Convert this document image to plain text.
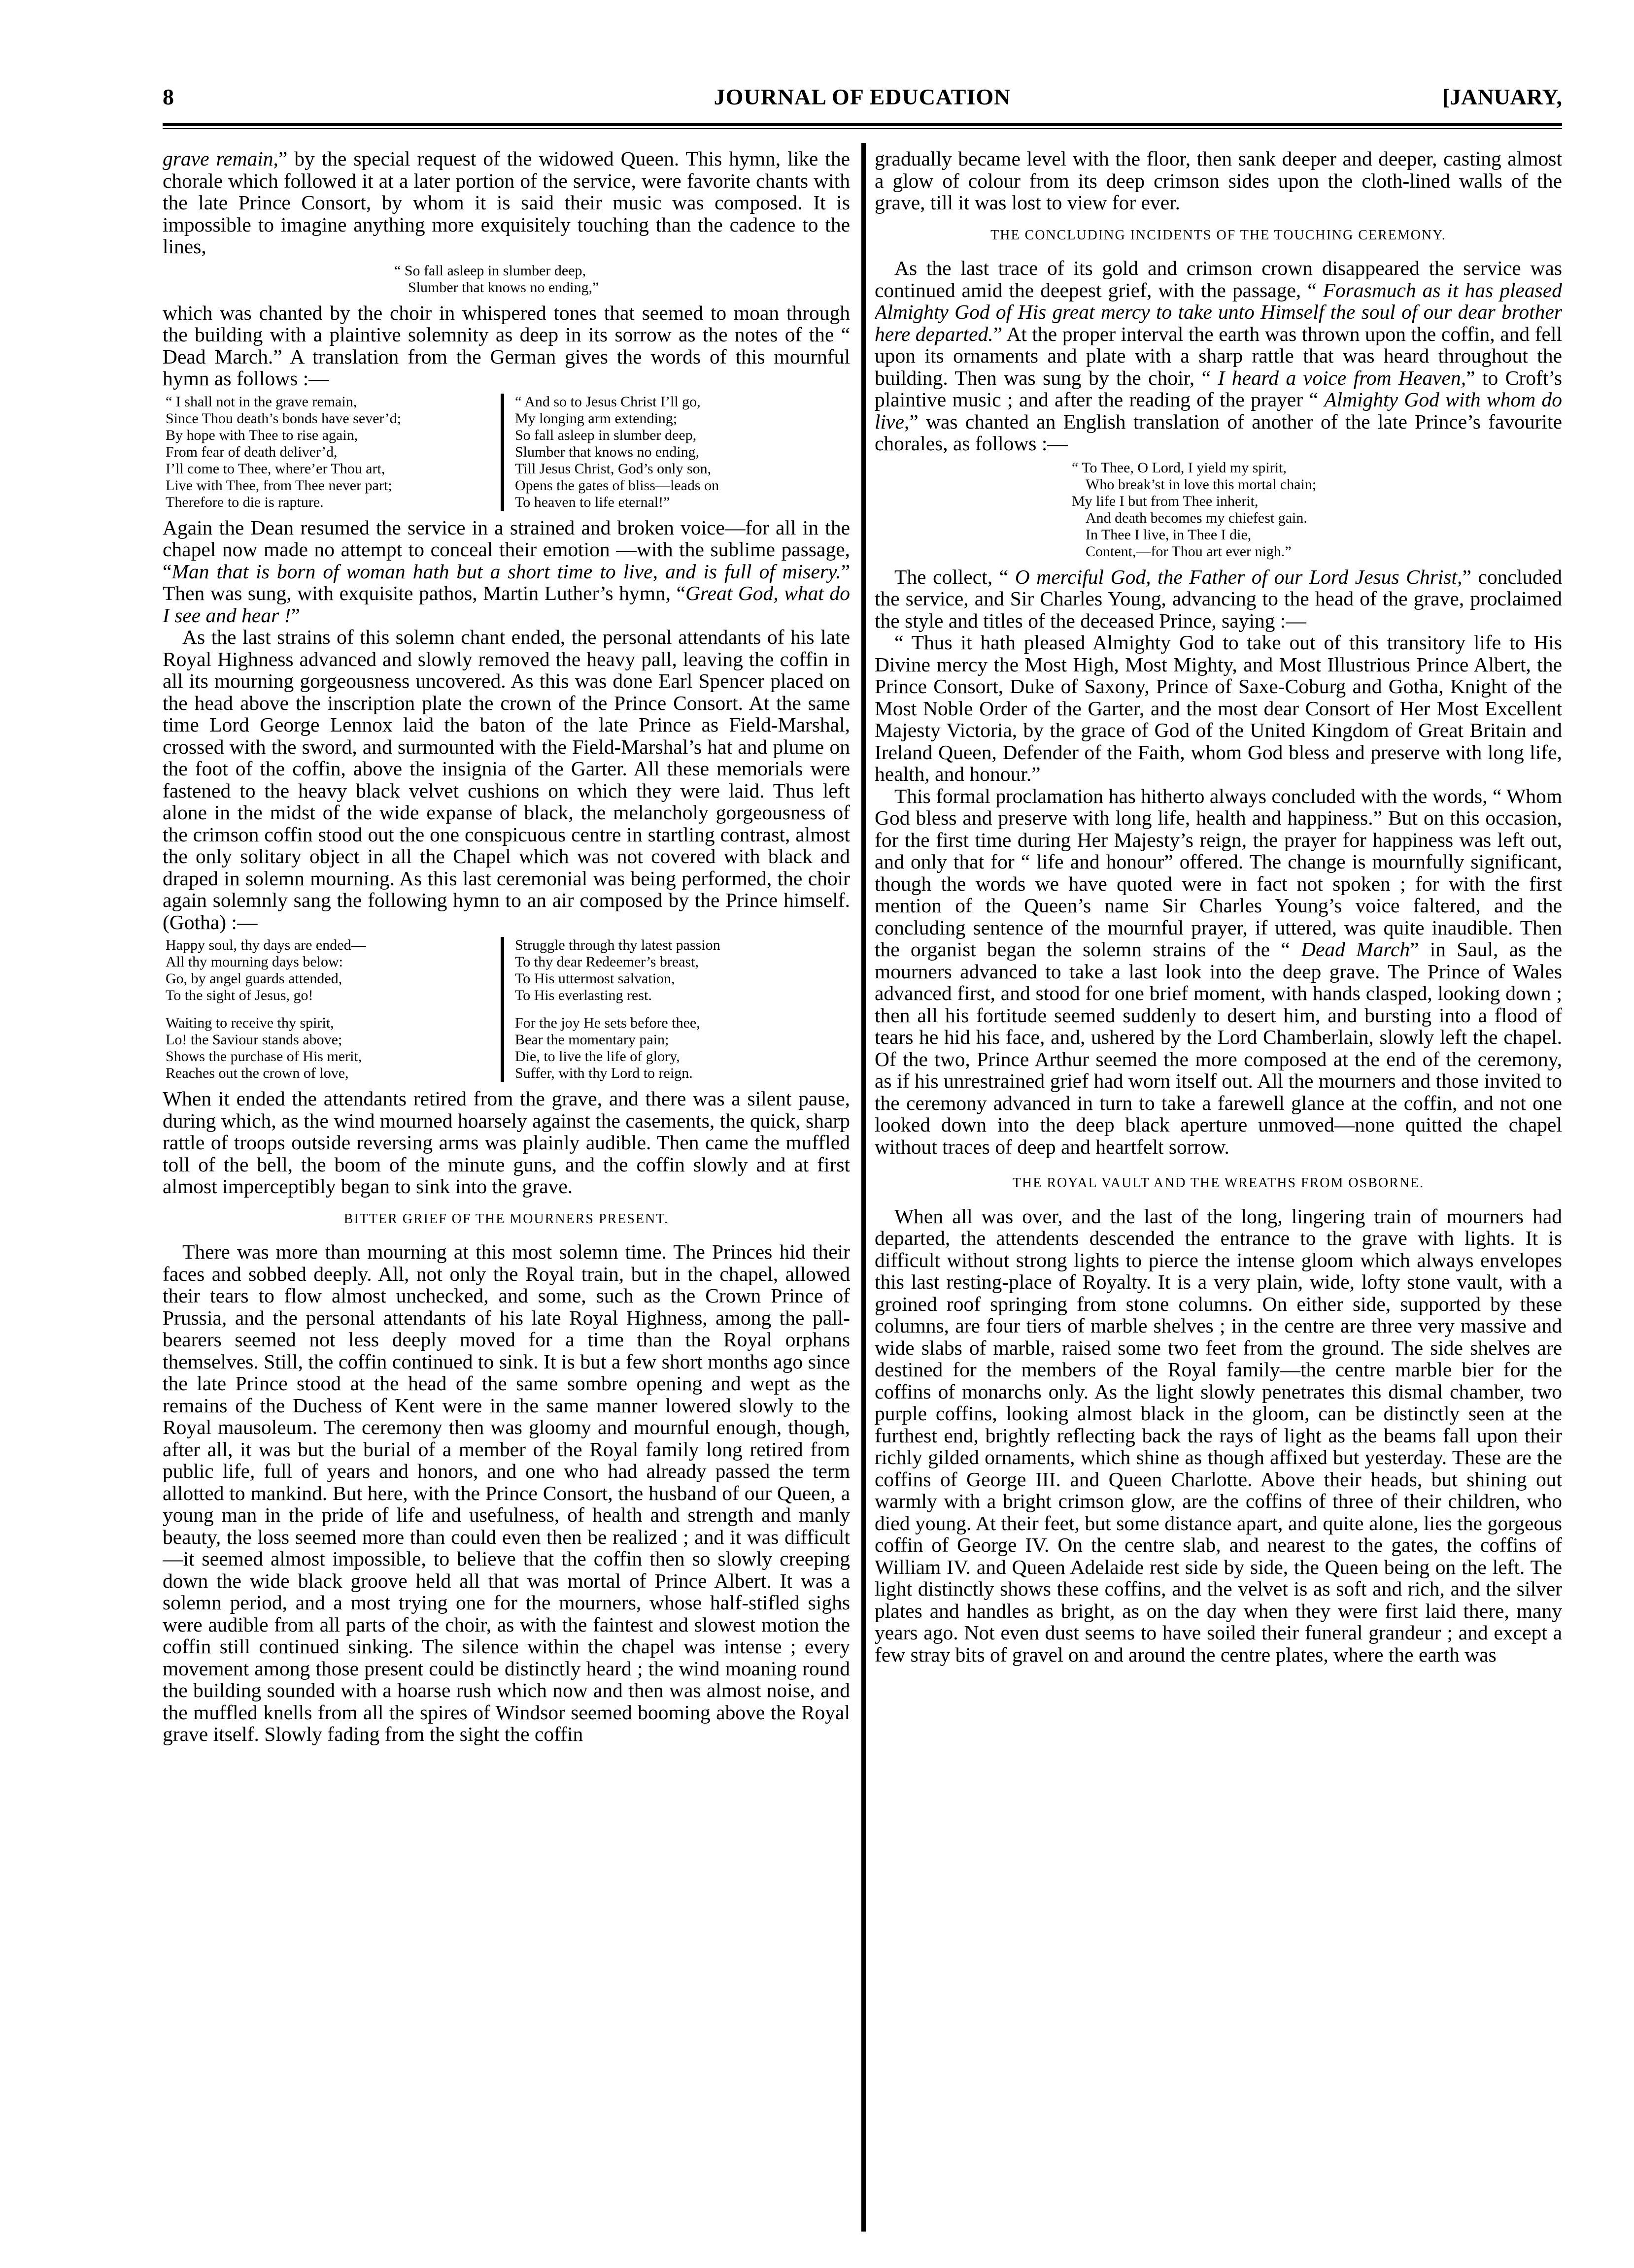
JOURNAL OF EDUCATION
8	[JANUARY,

grave remain,” by the special request of the widowed Queen. This hymn, like the chorale which followed it at a later portion of the service, were favorite chants with the late Prince Consort, by whom it is said their music was composed. It is impossible to imagine anything more exquisitely touching than the cadence to the lines,

“ So fall asleep in slumber deep,
Slumber that knows no ending,”

which was chanted by the choir in whispered tones that seemed to moan through the building with a plaintive solemnity as deep in its sorrow as the notes of the “ Dead March.” A translation from the German gives the words of this mournful hymn as follows :—

“ I shall not in the grave remain,
Since Thou death’s bonds have sever’d;
By hope with Thee to rise again,
From fear of death deliver’d,
I’ll come to Thee, where’er Thou art,
Live with Thee, from Thee never part;
Therefore to die is rapture.
“ And so to Jesus Christ I’ll go,
My longing arm extending;
So fall asleep in slumber deep,
Slumber that knows no ending,
Till Jesus Christ, God’s only son,
Opens the gates of bliss—leads on
To heaven to life eternal!”

Again the Dean resumed the service in a strained and broken voice—for all in the chapel now made no attempt to conceal their emotion —with the sublime passage, “Man that is born of woman hath but a short time to live, and is full of misery.” Then was sung, with exquisite pathos, Martin Luther’s hymn, “Great God, what do I see and hear !”

As the last strains of this solemn chant ended, the personal attendants of his late Royal Highness advanced and slowly removed the heavy pall, leaving the coffin in all its mourning gorgeousness uncovered. As this was done Earl Spencer placed on the head above the inscription plate the crown of the Prince Consort. At the same time Lord George Lennox laid the baton of the late Prince as Field-Marshal, crossed with the sword, and surmounted with the Field-Marshal’s hat and plume on the foot of the coffin, above the insignia of the Garter. All these memorials were fastened to the heavy black velvet cushions on which they were laid. Thus left alone in the midst of the wide expanse of black, the melancholy gorgeousness of the crimson coffin stood out the one conspicuous centre in startling contrast, almost the only solitary object in all the Chapel which was not covered with black and draped in solemn mourning. As this last ceremonial was being performed, the choir again solemnly sang the following hymn to an air composed by the Prince himself. (Gotha) :—

Happy soul, thy days are ended—
All thy mourning days below:
Go, by angel guards attended,
To the sight of Jesus, go!
Waiting to receive thy spirit,
Lo! the Saviour stands above;
Shows the purchase of His merit,
Reaches out the crown of love,
Struggle through thy latest passion
To thy dear Redeemer’s breast,
To His uttermost salvation,
To His everlasting rest.
For the joy He sets before thee,
Bear the momentary pain;
Die, to live the life of glory,
Suffer, with thy Lord to reign.

When it ended the attendants retired from the grave, and there was a silent pause, during which, as the wind mourned hoarsely against the casements, the quick, sharp rattle of troops outside reversing arms was plainly audible. Then came the muffled toll of the bell, the boom of the minute guns, and the coffin slowly and at first almost imperceptibly began to sink into the grave.

BITTER GRIEF OF THE MOURNERS PRESENT.

There was more than mourning at this most solemn time. The Princes hid their faces and sobbed deeply. All, not only the Royal train, but in the chapel, allowed their tears to flow almost unchecked, and some, such as the Crown Prince of Prussia, and the personal attendants of his late Royal Highness, among the pall-bearers seemed not less deeply moved for a time than the Royal orphans themselves. Still, the coffin continued to sink. It is but a few short months ago since the late Prince stood at the head of the same sombre opening and wept as the remains of the Duchess of Kent were in the same manner lowered slowly to the Royal mausoleum. The ceremony then was gloomy and mournful enough, though, after all, it was but the burial of a member of the Royal family long retired from public life, full of years and honors, and one who had already passed the term allotted to mankind. But here, with the Prince Consort, the husband of our Queen, a young man in the pride of life and usefulness, of health and strength and manly beauty, the loss seemed more than could even then be realized ; and it was difficult—it seemed almost impossible, to believe that the coffin then so slowly creeping down the wide black groove held all that was mortal of Prince Albert. It was a solemn period, and a most trying one for the mourners, whose half-stifled sighs were audible from all parts of the choir, as with the faintest and slowest motion the coffin still continued sinking. The silence within the chapel was intense ; every movement among those present could be distinctly heard ; the wind moaning round the building sounded with a hoarse rush which now and then was almost noise, and the muffled knells from all the spires of Windsor seemed booming above the Royal grave itself. Slowly fading from the sight the coffin

gradually became level with the floor, then sank deeper and deeper, casting almost a glow of colour from its deep crimson sides upon the cloth-lined walls of the grave, till it was lost to view for ever.

THE CONCLUDING INCIDENTS OF THE TOUCHING CEREMONY.

As the last trace of its gold and crimson crown disappeared the service was continued amid the deepest grief, with the passage, “ Forasmuch as it has pleased Almighty God of His great mercy to take unto Himself the soul of our dear brother here departed.” At the proper interval the earth was thrown upon the coffin, and fell upon its ornaments and plate with a sharp rattle that was heard throughout the building. Then was sung by the choir, “ I heard a voice from Heaven,” to Croft’s plaintive music ; and after the reading of the prayer “ Almighty God with whom do live,” was chanted an English translation of another of the late Prince’s favourite chorales, as follows :—

“ To Thee, O Lord, I yield my spirit,
Who break’st in love this mortal chain;
My life I but from Thee inherit,
And death becomes my chiefest gain.
In Thee I live, in Thee I die,
Content,—for Thou art ever nigh.”

The collect, “ O merciful God, the Father of our Lord Jesus Christ,” concluded the service, and Sir Charles Young, advancing to the head of the grave, proclaimed the style and titles of the deceased Prince, saying :—

“ Thus it hath pleased Almighty God to take out of this transitory life to His Divine mercy the Most High, Most Mighty, and Most Illustrious Prince Albert, the Prince Consort, Duke of Saxony, Prince of Saxe-Coburg and Gotha, Knight of the Most Noble Order of the Garter, and the most dear Consort of Her Most Excellent Majesty Victoria, by the grace of God of the United Kingdom of Great Britain and Ireland Queen, Defender of the Faith, whom God bless and preserve with long life, health, and honour.”

This formal proclamation has hitherto always concluded with the words, “ Whom God bless and preserve with long life, health and happiness.” But on this occasion, for the first time during Her Majesty’s reign, the prayer for happiness was left out, and only that for “ life and honour” offered. The change is mournfully significant, though the words we have quoted were in fact not spoken ; for with the first mention of the Queen’s name Sir Charles Young’s voice faltered, and the concluding sentence of the mournful prayer, if uttered, was quite inaudible. Then the organist began the solemn strains of the “ Dead March” in Saul, as the mourners advanced to take a last look into the deep grave. The Prince of Wales advanced first, and stood for one brief moment, with hands clasped, looking down ; then all his fortitude seemed suddenly to desert him, and bursting into a flood of tears he hid his face, and, ushered by the Lord Chamberlain, slowly left the chapel. Of the two, Prince Arthur seemed the more composed at the end of the ceremony, as if his unrestrained grief had worn itself out. All the mourners and those invited to the ceremony advanced in turn to take a farewell glance at the coffin, and not one looked down into the deep black aperture unmoved—none quitted the chapel without traces of deep and heartfelt sorrow.

THE ROYAL VAULT AND THE WREATHS FROM OSBORNE.

When all was over, and the last of the long, lingering train of mourners had departed, the attendents descended the entrance to the grave with lights. It is difficult without strong lights to pierce the intense gloom which always envelopes this last resting-place of Royalty. It is a very plain, wide, lofty stone vault, with a groined roof springing from stone columns. On either side, supported by these columns, are four tiers of marble shelves ; in the centre are three very massive and wide slabs of marble, raised some two feet from the ground. The side shelves are destined for the members of the Royal family—the centre marble bier for the coffins of monarchs only. As the light slowly penetrates this dismal chamber, two purple coffins, looking almost black in the gloom, can be distinctly seen at the furthest end, brightly reflecting back the rays of light as the beams fall upon their richly gilded ornaments, which shine as though affixed but yesterday. These are the coffins of George III. and Queen Charlotte. Above their heads, but shining out warmly with a bright crimson glow, are the coffins of three of their children, who died young. At their feet, but some distance apart, and quite alone, lies the gorgeous coffin of George IV. On the centre slab, and nearest to the gates, the coffins of William IV. and Queen Adelaide rest side by side, the Queen being on the left. The light distinctly shows these coffins, and the velvet is as soft and rich, and the silver plates and handles as bright, as on the day when they were first laid there, many years ago. Not even dust seems to have soiled their funeral grandeur ; and except a few stray bits of gravel on and around the centre plates, where the earth was
